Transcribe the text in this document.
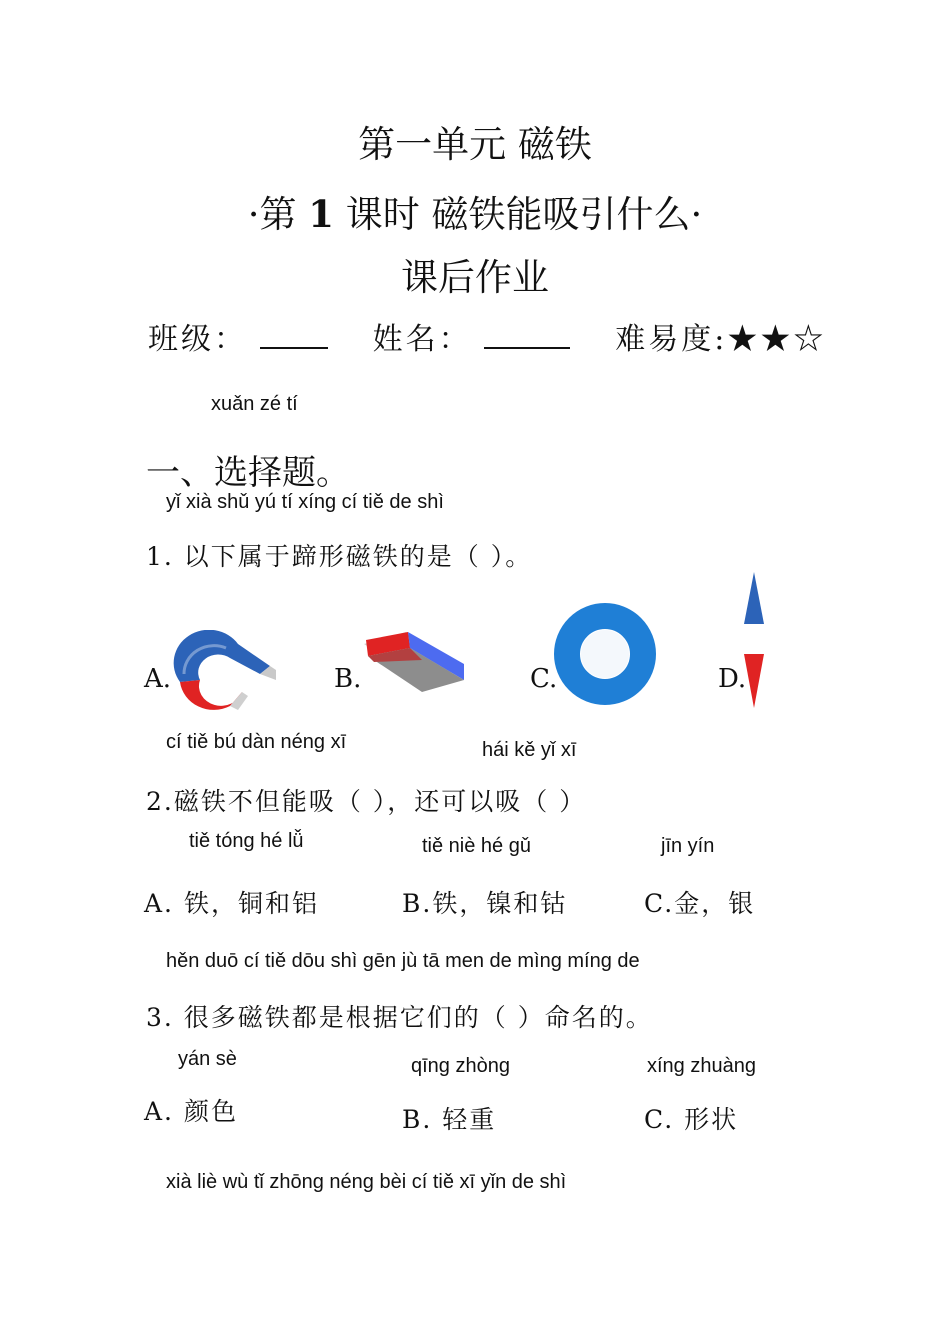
第一单元 磁铁
·第 1 课时 磁铁能吸引什么·
课后作业
班级：	姓名：	难易度:★★☆
xuǎn zé tí
一、选择题。
yǐ xià shǔ yú tí xíng cí tiě de shì
1. 以下属于蹄形磁铁的是（ ）。
A.	B.	C.	D.
cí tiě bú dàn néng xī	hái kě yǐ xī
2.磁铁不但能吸（ ），还可以吸（ ）
tiě tóng hé lǚ
A. 铁，铜和铝
tiě niè hé gǔ
B.铁，镍和钴
jīn yín
C.金，银
hěn duō cí tiě dōu shì gēn jù tā men de mìng míng de
3. 很多磁铁都是根据它们的（ ）命名的。
yán sè
A. 颜色
qīng zhòng
B. 轻重
xíng zhuàng
C. 形状
xià liè wù tǐ zhōng néng bèi cí tiě xī yǐn de shì
